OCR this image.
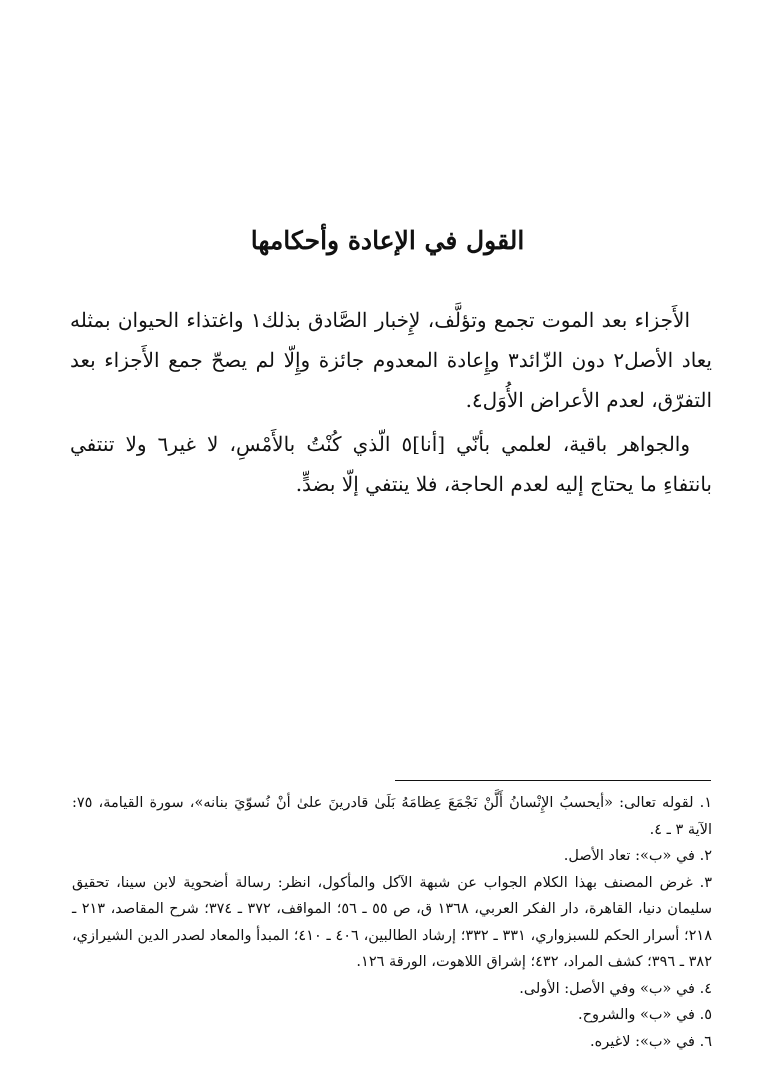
القول في الإعادة وأحكامها

الأَجزاء بعد الموت تجمع وتؤلَّف، لإِخبار الصَّادق بذلك١ واغتذاء الحيوان بمثله يعاد الأصل٢ دون الزّائد٣ وإِعادة المعدوم جائزة وإِلّا لم يصحّ جمع الأَجزاء بعد التفرّق، لعدم الأعراض الأُوَل٤.

والجواهر باقية، لعلمي بأنّي [أنا]٥ الّذي كُنْتُ بالأَمْسِ، لا غير٦ ولا تنتفي بانتفاءِ ما يحتاج إليه لعدم الحاجة، فلا ينتفي إلّا بضدٍّ.

١. لقوله تعالى: «أيحسبُ الإِنْسانُ أَلَّنْ نَجْمَعَ عِظامَهُ بَلَىٰ قادرينَ علىٰ أنْ نُسوّيَ بنانه»، سورة القيامة، ٧٥: الآية ٣ ـ ٤.

٢. في «ب»: تعاد الأصل.

٣. غرض المصنف بهذا الكلام الجواب عن شبهة الآكل والمأكول، انظر: رسالة أضحوية لابن سينا، تحقيق سليمان دنيا، القاهرة، دار الفكر العربي، ١٣٦٨ ق، ص ٥٥ ـ ٥٦؛ المواقف، ٣٧٢ ـ ٣٧٤؛ شرح المقاصد، ٢١٣ ـ ٢١٨؛ أسرار الحكم للسبزواري، ٣٣١ ـ ٣٣٢؛ إرشاد الطالبين، ٤٠٦ ـ ٤١٠؛ المبدأ والمعاد لصدر الدين الشيرازي، ٣٨٢ ـ ٣٩٦؛ كشف المراد، ٤٣٢؛ إشراق اللاهوت، الورقة ١٢٦.

٤. في «ب» وفي الأصل: الأولى.

٥. في «ب» والشروح.

٦. في «ب»: لاغيره.
